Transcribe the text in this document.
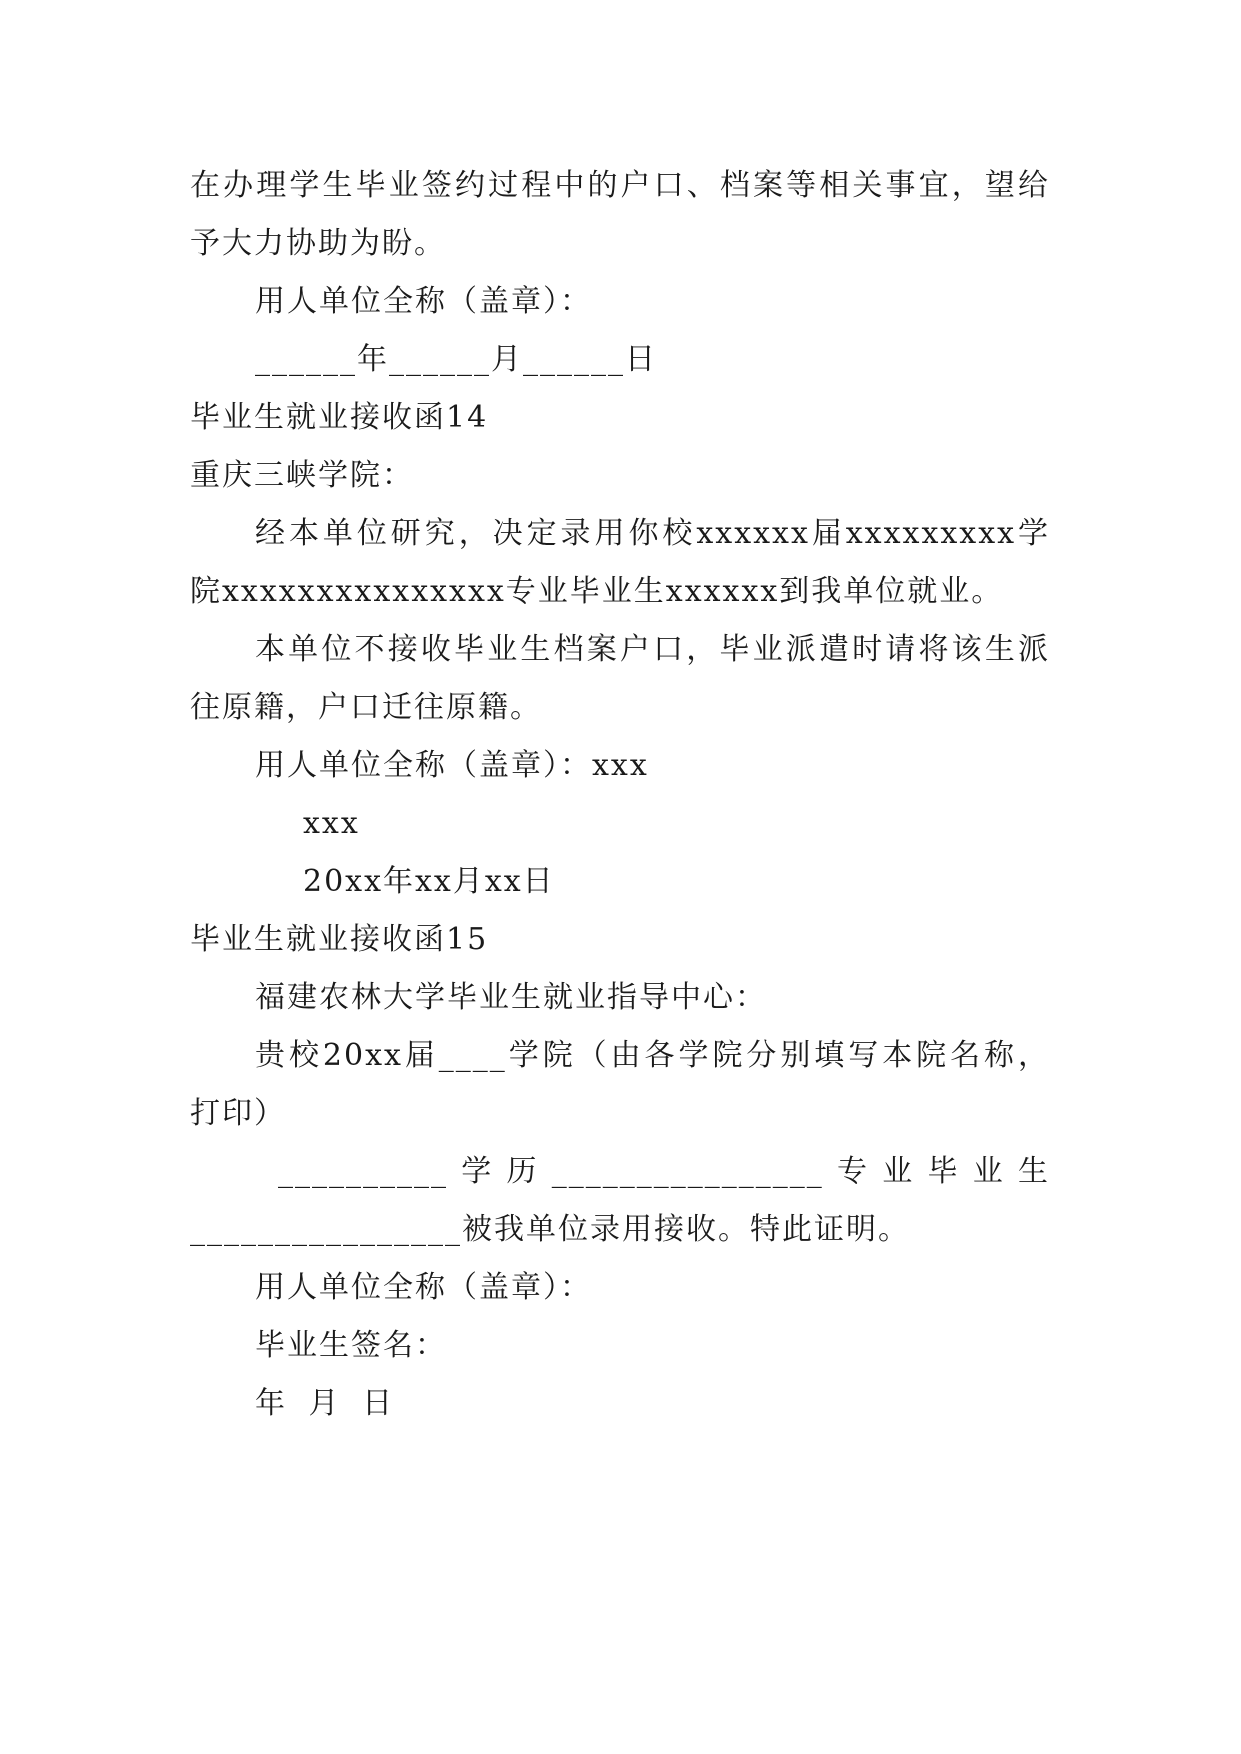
在办理学生毕业签约过程中的户口、档案等相关事宜，望给
予大力协助为盼。
用人单位全称（盖章）：
______年______月______日
毕业生就业接收函14
重庆三峡学院：
经本单位研究，决定录用你校xxxxxx届xxxxxxxxx学
院xxxxxxxxxxxxxxx专业毕业生xxxxxx到我单位就业。
本单位不接收毕业生档案户口，毕业派遣时请将该生派
往原籍，户口迁往原籍。
用人单位全称（盖章）：xxx
xxx
20xx年xx月xx日
毕业生就业接收函15
福建农林大学毕业生就业指导中心：
贵校20xx届____学院（由各学院分别填写本院名称，
打印）
__________学历________________专业毕业生
________________被我单位录用接收。特此证明。
用人单位全称（盖章）：
毕业生签名：
年 月 日
